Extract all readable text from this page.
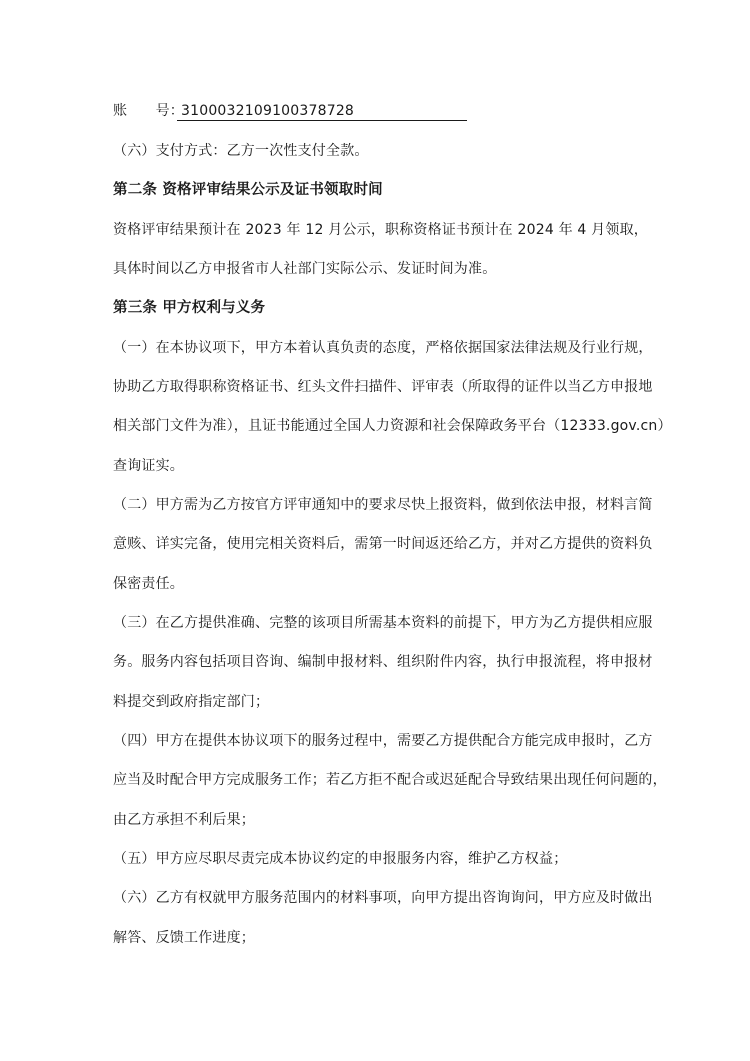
账　　号：3100032109100378728
（六）支付方式：乙方一次性支付全款。
第二条 资格评审结果公示及证书领取时间
资格评审结果预计在 2023 年 12 月公示，职称资格证书预计在 2024 年 4 月领取，
具体时间以乙方申报省市人社部门实际公示、发证时间为准。
第三条 甲方权利与义务
（一）在本协议项下，甲方本着认真负责的态度，严格依据国家法律法规及行业行规，
协助乙方取得职称资格证书、红头文件扫描件、评审表（所取得的证件以当乙方申报地
相关部门文件为准），且证书能通过全国人力资源和社会保障政务平台（12333.gov.cn）
查询证实。
（二）甲方需为乙方按官方评审通知中的要求尽快上报资料，做到依法申报，材料言简
意赅、详实完备，使用完相关资料后，需第一时间返还给乙方，并对乙方提供的资料负
保密责任。
（三）在乙方提供准确、完整的该项目所需基本资料的前提下，甲方为乙方提供相应服
务。服务内容包括项目咨询、编制申报材料、组织附件内容，执行申报流程，将申报材
料提交到政府指定部门；
（四）甲方在提供本协议项下的服务过程中，需要乙方提供配合方能完成申报时，乙方
应当及时配合甲方完成服务工作；若乙方拒不配合或迟延配合导致结果出现任何问题的，
由乙方承担不利后果；
（五）甲方应尽职尽责完成本协议约定的申报服务内容，维护乙方权益；
（六）乙方有权就甲方服务范围内的材料事项，向甲方提出咨询询问，甲方应及时做出
解答、反馈工作进度；
